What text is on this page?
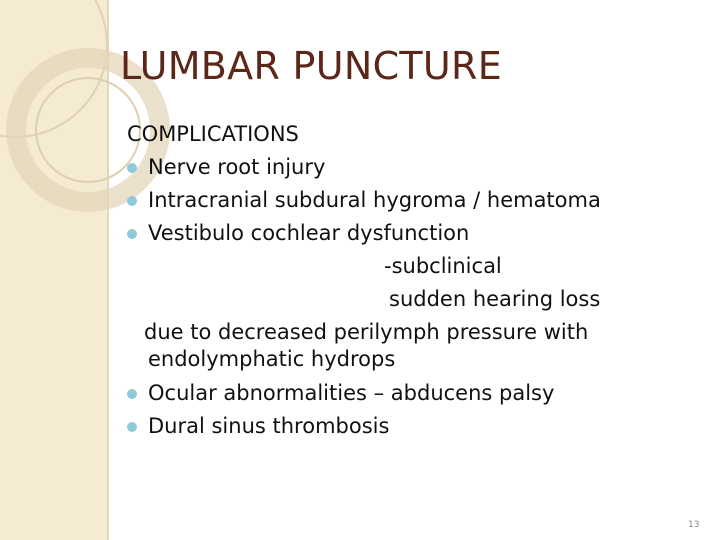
LUMBAR PUNCTURE
COMPLICATIONS
Nerve root injury
Intracranial subdural hygroma / hematoma
Vestibulo cochlear dysfunction
-subclinical
sudden hearing loss
due to decreased perilymph pressure with
endolymphatic hydrops
Ocular abnormalities – abducens palsy
Dural sinus thrombosis
13
